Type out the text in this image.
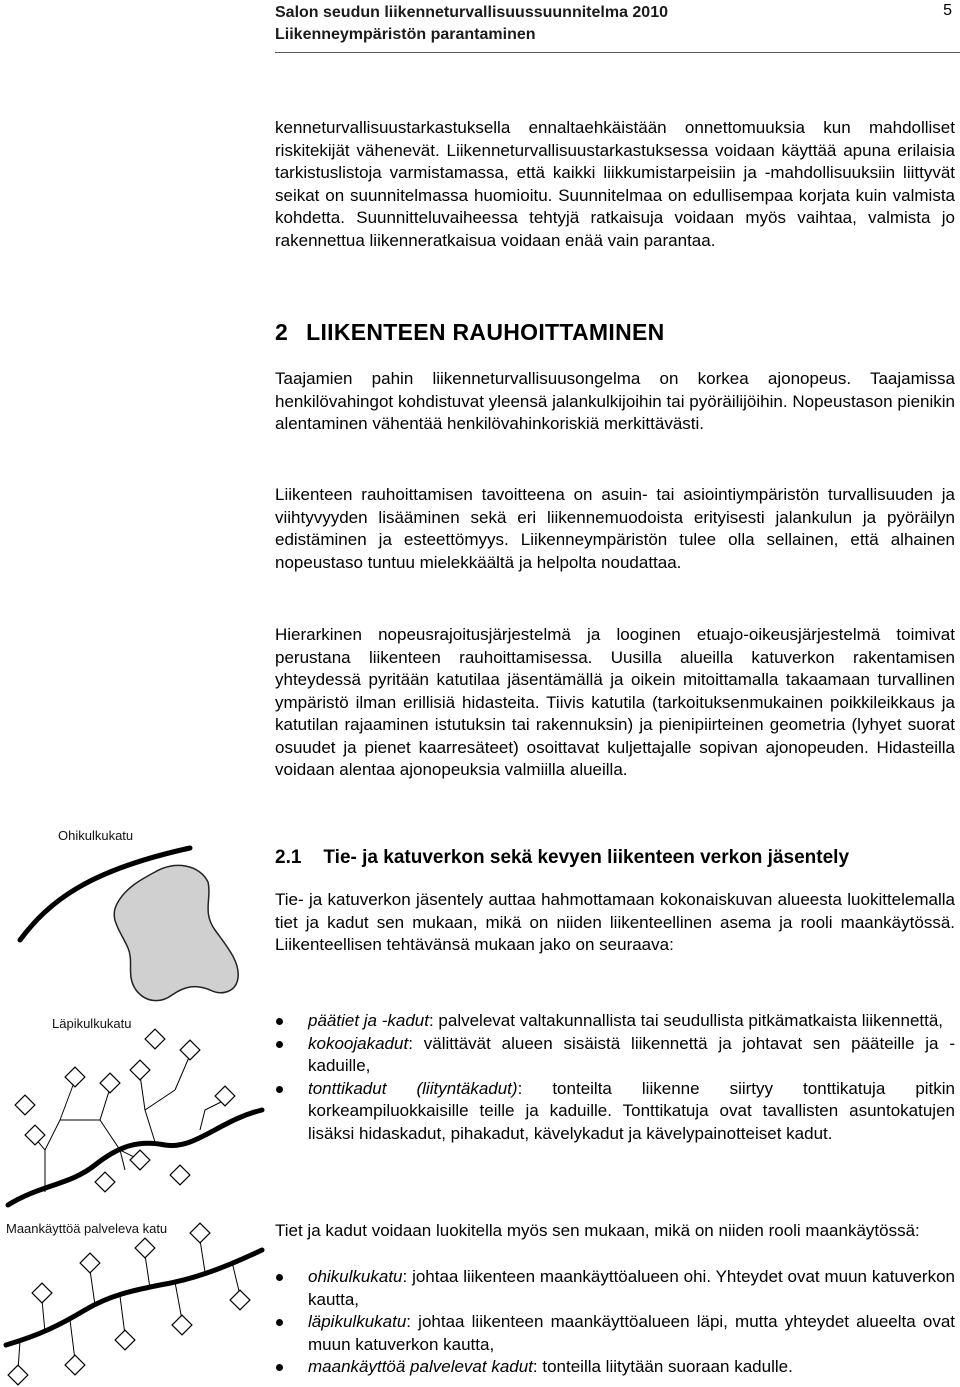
Salon seudun liikenneturvallisuussuunnitelma 2010
Liikenneympäristön parantaminen
5

kenneturvallisuustarkastuksella ennaltaehkäistään onnettomuuksia kun mahdolliset riskitekijät vähenevät. Liikenneturvallisuustarkastuksessa voidaan käyttää apuna erilaisia tarkistuslistoja varmistamassa, että kaikki liikkumistarpeisiin ja -mahdollisuuksiin liittyvät seikat on suunnitelmassa huomioitu. Suunnitelmaa on edullisempaa korjata kuin valmista kohdetta. Suunnitteluvaiheessa tehtyjä ratkaisuja voidaan myös vaihtaa, valmista jo rakennettua liikenneratkaisua voidaan enää vain parantaa.

2 LIIKENTEEN RAUHOITTAMINEN

Taajamien pahin liikenneturvallisuusongelma on korkea ajonopeus. Taajamissa henkilövahingot kohdistuvat yleensä jalankulkijoihin tai pyöräilijöihin. Nopeustason pienikin alentaminen vähentää henkilövahinkoriskiä merkittävästi.

Liikenteen rauhoittamisen tavoitteena on asuin- tai asiointiympäristön turvallisuuden ja viihtyvyyden lisääminen sekä eri liikennemuodoista erityisesti jalankulun ja pyöräilyn edistäminen ja esteettömyys. Liikenneympäristön tulee olla sellainen, että alhainen nopeustaso tuntuu mielekkäältä ja helpolta noudattaa.

Hierarkinen nopeusrajoitusjärjestelmä ja looginen etuajo-oikeusjärjestelmä toimivat perustana liikenteen rauhoittamisessa. Uusilla alueilla katuverkon rakentamisen yhteydessä pyritään katutilaa jäsentämällä ja oikein mitoittamalla takaamaan turvallinen ympäristö ilman erillisiä hidasteita. Tiivis katutila (tarkoituksenmukainen poikkileikkaus ja katutilan rajaaminen istutuksin tai rakennuksin) ja pienipiirteinen geometria (lyhyet suorat osuudet ja pienet kaarresäteet) osoittavat kuljettajalle sopivan ajonopeuden. Hidasteilla voidaan alentaa ajonopeuksia valmiilla alueilla.

2.1 Tie- ja katuverkon sekä kevyen liikenteen verkon jäsentely

Tie- ja katuverkon jäsentely auttaa hahmottamaan kokonaiskuvan alueesta luokittelemalla tiet ja kadut sen mukaan, mikä on niiden liikenteellinen asema ja rooli maankäytössä. Liikenteellisen tehtävänsä mukaan jako on seuraava:

päätiet ja -kadut: palvelevat valtakunnallista tai seudullista pitkämatkaista liikennettä,
kokoojakadut: välittävät alueen sisäistä liikennettä ja johtavat sen pääteille ja -kaduille,
tonttikadut (liityntäkadut): tonteilta liikenne siirtyy tonttikatuja pitkin korkeampiluokkaisille teille ja kaduille. Tonttikatuja ovat tavallisten asuntokatujen lisäksi hidaskadut, pihakadut, kävelykadut ja kävelypainotteiset kadut.

Tiet ja kadut voidaan luokitella myös sen mukaan, mikä on niiden rooli maankäytössä:

ohikulkukatu: johtaa liikenteen maankäyttöalueen ohi. Yhteydet ovat muun katuverkon kautta,
läpikulkukatu: johtaa liikenteen maankäyttöalueen läpi, mutta yhteydet alueelta ovat muun katuverkon kautta,
maankäyttöä palvelevat kadut: tonteilla liitytään suoraan kadulle.
Ohikulkukatu
Läpikulkukatu
Maankäyttöä palveleva katu
